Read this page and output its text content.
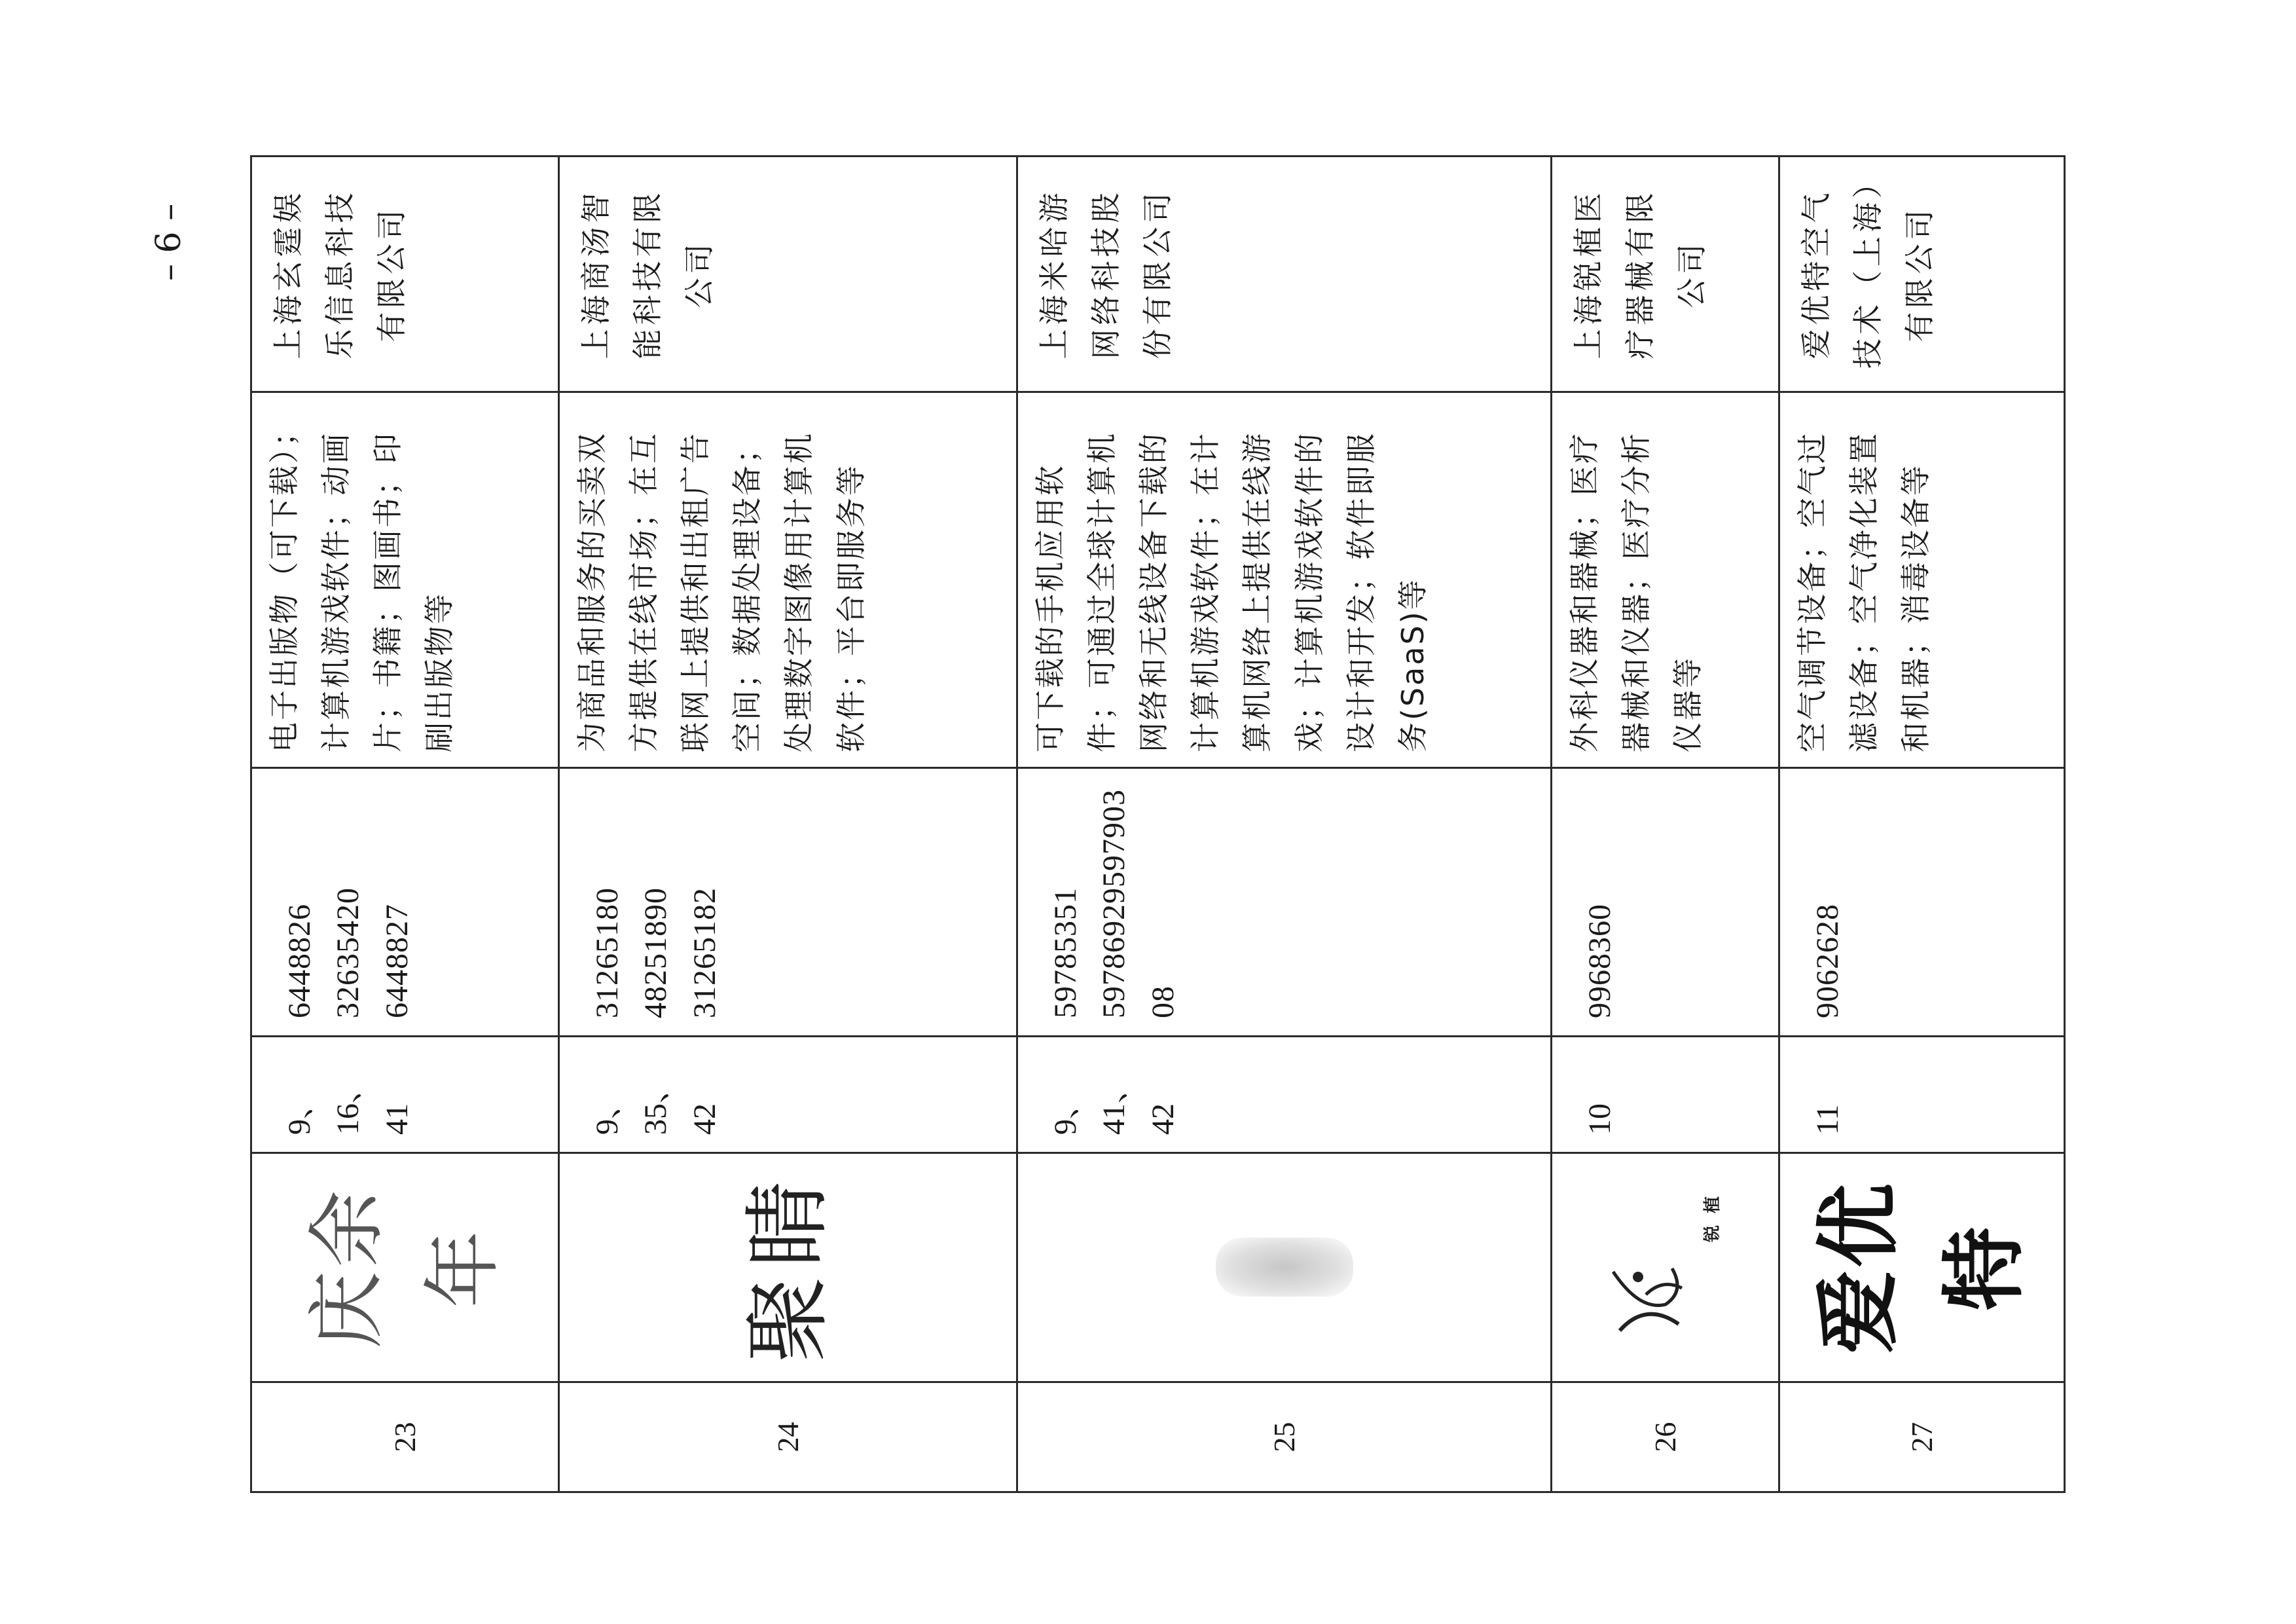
– 6 –
23	庆余年	9、16、41	6448826 32635420 6448827	电子出版物（可下载）；计算机游戏软件；动画片；书籍；图画书；印刷出版物等	上海玄霆娱乐信息科技有限公司
24	聚睛	9、35、42	31265180 48251890 31265182	为商品和服务的买卖双方提供在线市场；在互联网上提供和出租广告空间；数据处理设备；处理数字图像用计算机软件；平台即服务等	上海商汤智能科技有限公司
25		9、41、42	59785351 5978692959790308	可下载的手机应用软件；可通过全球计算机网络和无线设备下载的计算机游戏软件；在计算机网络上提供在线游戏；计算机游戏软件的设计和开发；软件即服务(SaaS)等	上海米哈游网络科技股份有限公司
26	锐植	10	9968360	外科仪器和器械；医疗器械和仪器；医疗分析仪器等	上海锐植医疗器械有限公司
27	爱优特	11	9062628	空气调节设备；空气过滤设备；空气净化装置和机器；消毒设备等	爱优特空气技术（上海）有限公司
